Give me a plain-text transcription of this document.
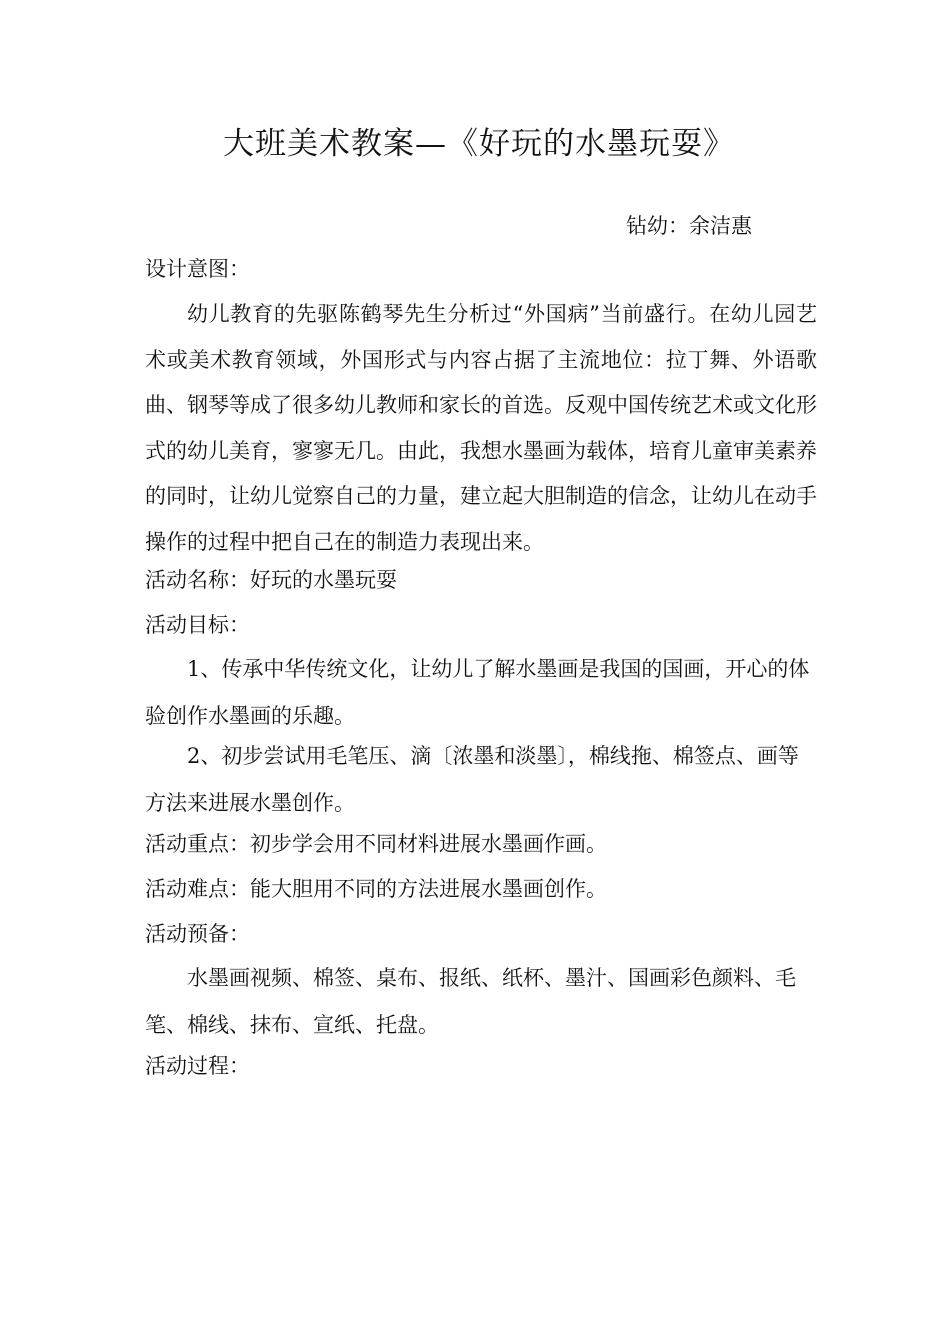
大班美术教案—《好玩的水墨玩耍》
钻幼：余洁惠

设计意图：

幼儿教育的先驱陈鹤琴先生分析过“外国病”当前盛行。在幼儿园艺术或美术教育领域，外国形式与内容占据了主流地位：拉丁舞、外语歌曲、钢琴等成了很多幼儿教师和家长的首选。反观中国传统艺术或文化形式的幼儿美育，寥寥无几。由此，我想水墨画为载体，培育儿童审美素养的同时，让幼儿觉察自己的力量，建立起大胆制造的信念，让幼儿在动手操作的过程中把自己在的制造力表现出来。

活动名称：好玩的水墨玩耍

活动目标：

1、传承中华传统文化，让幼儿了解水墨画是我国的国画，开心的体验创作水墨画的乐趣。

2、初步尝试用毛笔压、滴〔浓墨和淡墨〕，棉线拖、棉签点、画等方法来进展水墨创作。

活动重点：初步学会用不同材料进展水墨画作画。

活动难点：能大胆用不同的方法进展水墨画创作。

活动预备：

水墨画视频、棉签、桌布、报纸、纸杯、墨汁、国画彩色颜料、毛笔、棉线、抹布、宣纸、托盘。

活动过程：
